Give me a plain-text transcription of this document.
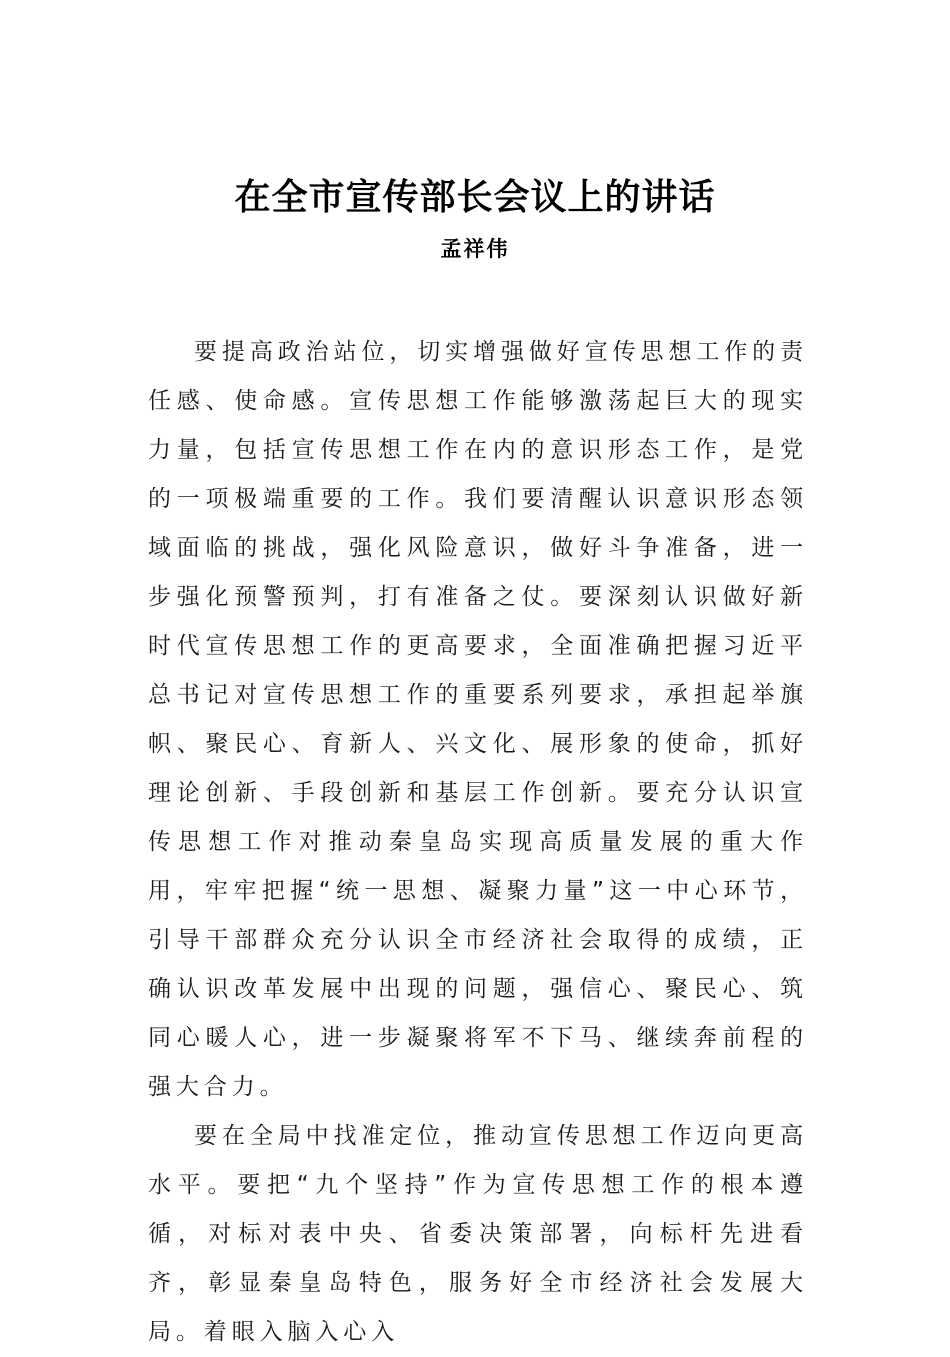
在全市宣传部长会议上的讲话
孟祥伟

要提高政治站位，切实增强做好宣传思想工作的责任感、使命感。宣传思想工作能够激荡起巨大的现实力量，包括宣传思想工作在内的意识形态工作，是党的一项极端重要的工作。我们要清醒认识意识形态领域面临的挑战，强化风险意识，做好斗争准备，进一步强化预警预判，打有准备之仗。要深刻认识做好新时代宣传思想工作的更高要求，全面准确把握习近平总书记对宣传思想工作的重要系列要求，承担起举旗帜、聚民心、育新人、兴文化、展形象的使命，抓好理论创新、手段创新和基层工作创新。要充分认识宣传思想工作对推动秦皇岛实现高质量发展的重大作用，牢牢把握“统一思想、凝聚力量”这一中心环节，引导干部群众充分认识全市经济社会取得的成绩，正确认识改革发展中出现的问题，强信心、聚民心、筑同心暖人心，进一步凝聚将军不下马、继续奔前程的强大合力。

要在全局中找准定位，推动宣传思想工作迈向更高水平。要把“九个坚持”作为宣传思想工作的根本遵循，对标对表中央、省委决策部署，向标杆先进看齐，彰显秦皇岛特色，服务好全市经济社会发展大局。着眼入脑入心入
